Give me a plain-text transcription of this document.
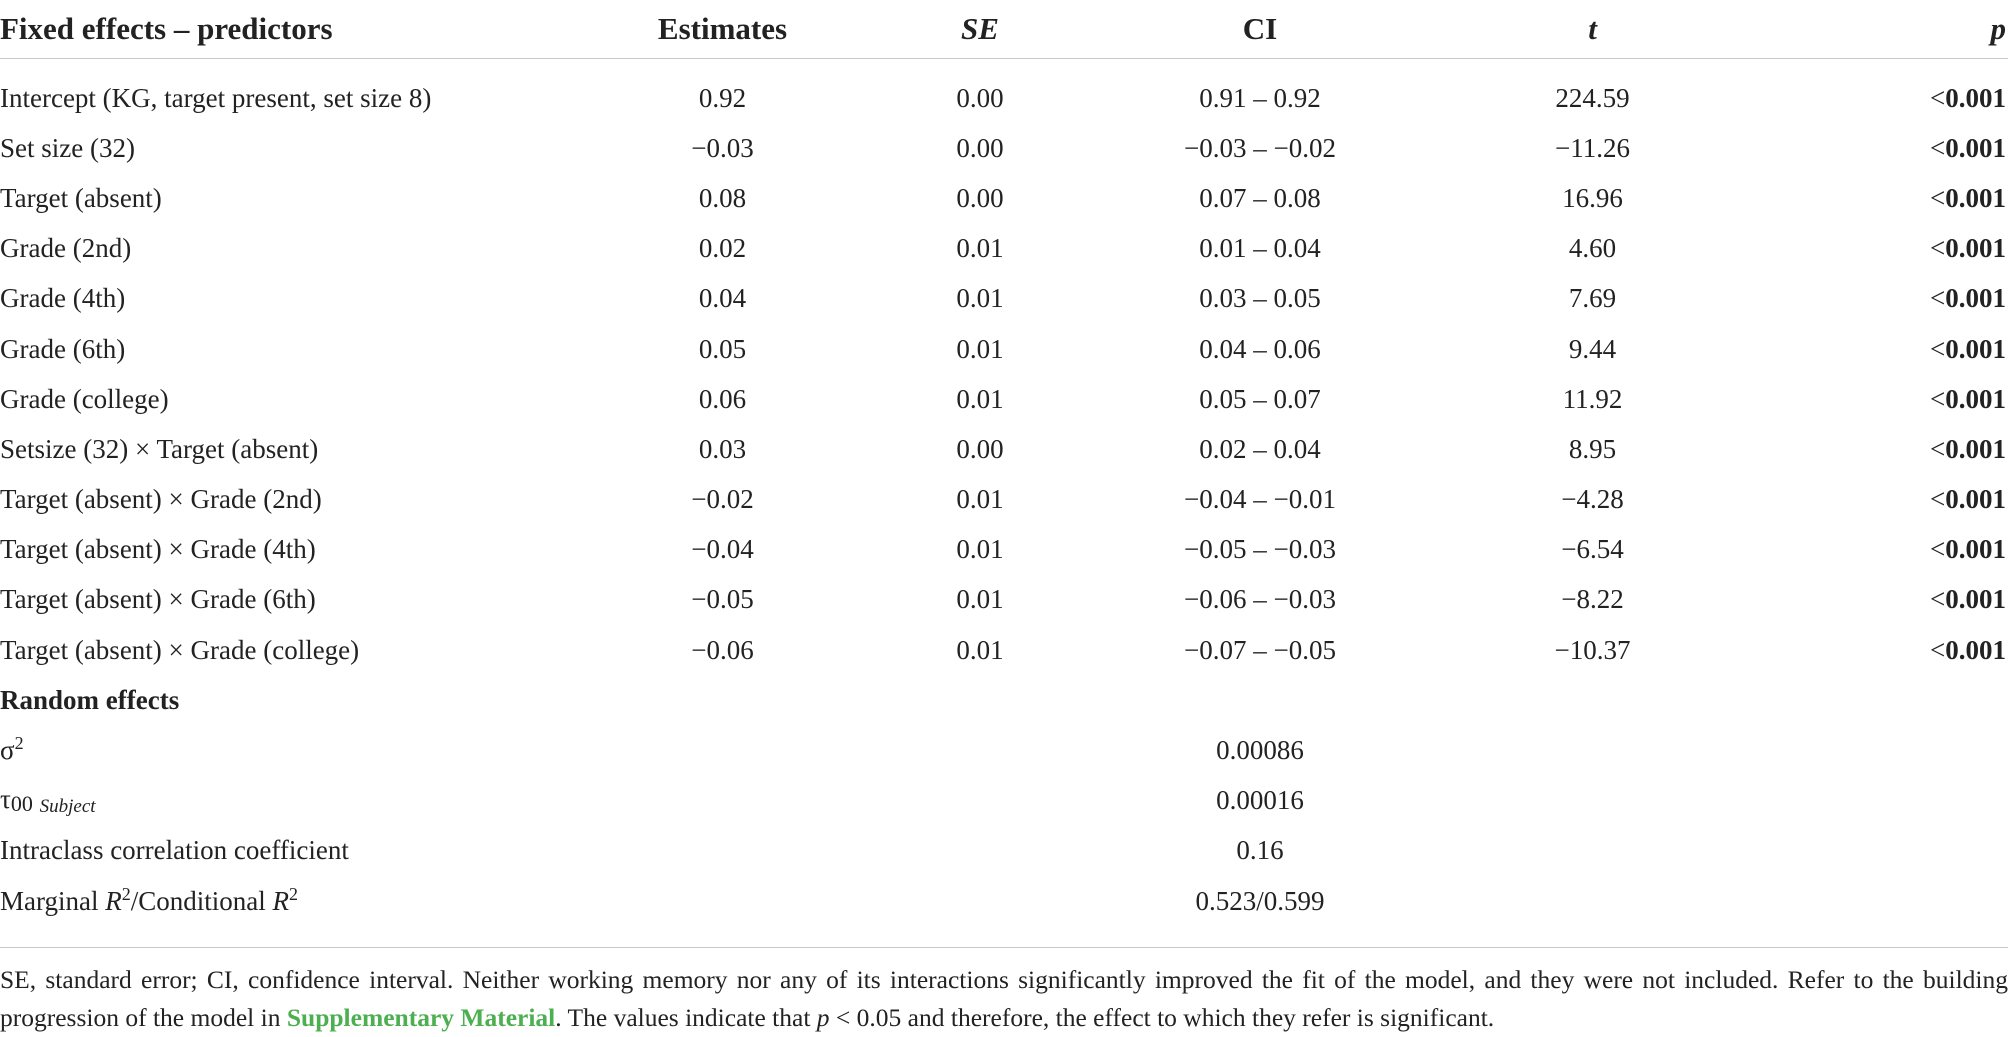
Fixed effects – predictors	Estimates	SE	CI	t	p

Intercept (KG, target present, set size 8)	0.92	0.00	0.91 – 0.92	224.59	<0.001
Set size (32)	−0.03	0.00	−0.03 – −0.02	−11.26	<0.001
Target (absent)	0.08	0.00	0.07 – 0.08	16.96	<0.001
Grade (2nd)	0.02	0.01	0.01 – 0.04	4.60	<0.001
Grade (4th)	0.04	0.01	0.03 – 0.05	7.69	<0.001
Grade (6th)	0.05	0.01	0.04 – 0.06	9.44	<0.001
Grade (college)	0.06	0.01	0.05 – 0.07	11.92	<0.001
Setsize (32) × Target (absent)	0.03	0.00	0.02 – 0.04	8.95	<0.001
Target (absent) × Grade (2nd)	−0.02	0.01	−0.04 – −0.01	−4.28	<0.001
Target (absent) × Grade (4th)	−0.04	0.01	−0.05 – −0.03	−6.54	<0.001
Target (absent) × Grade (6th)	−0.05	0.01	−0.06 – −0.03	−8.22	<0.001
Target (absent) × Grade (college)	−0.06	0.01	−0.07 – −0.05	−10.37	<0.001
Random effects					
$\sigma^2$			0.00086		
τ00 $_{Subject}$			0.00016		
Intraclass correlation coefficient			0.16		
Marginal $R^2$/Conditional $R^2$			0.523/0.599		
SE, standard error; CI, confidence interval. Neither working memory nor any of its interactions significantly improved the fit of the model, and they were not included. Refer to the building progression of the model in Supplementary Material. The values indicate that p < 0.05 and therefore, the effect to which they refer is significant.
